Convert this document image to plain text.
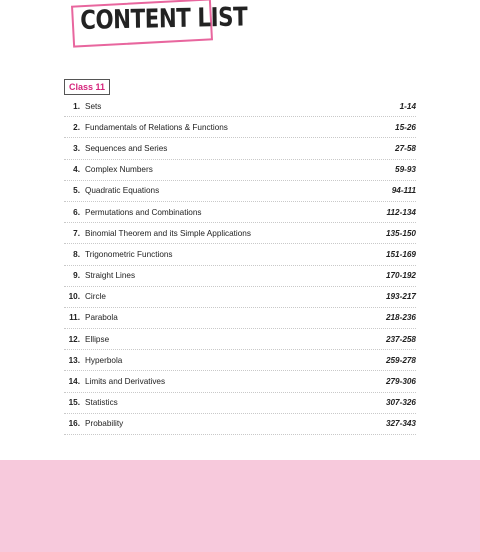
CONTENT LIST
Class 11
1. Sets	1-14
2. Fundamentals of Relations & Functions	15-26
3. Sequences and Series	27-58
4. Complex Numbers	59-93
5. Quadratic Equations	94-111
6. Permutations and Combinations	112-134
7. Binomial Theorem and its Simple Applications	135-150
8. Trigonometric Functions	151-169
9. Straight Lines	170-192
10. Circle	193-217
11. Parabola	218-236
12. Ellipse	237-258
13. Hyperbola	259-278
14. Limits and Derivatives	279-306
15. Statistics	307-326
16. Probability	327-343
